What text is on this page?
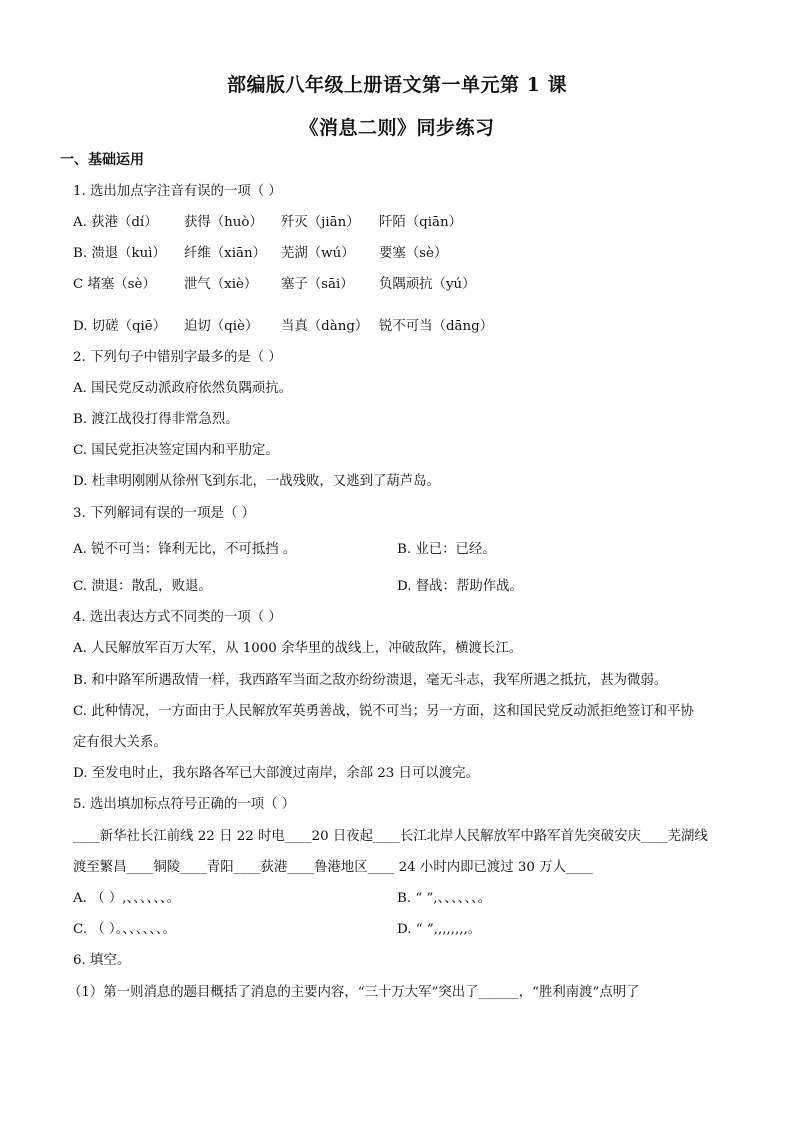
部编版八年级上册语文第一单元第 1 课
《消息二则》同步练习
一、基础运用
1. 选出加点字注音有误的一项（ ）
A. 荻港（dí） 获得（huò） 歼灭（jiān） 阡陌（qiān）
B. 溃退（kuì） 纤维（xiān） 芜湖（wú） 要塞（sè）
C 堵塞（sè） 泄气（xiè） 塞子（sāi） 负隅顽抗（yú）
D. 切磋（qiē） 迫切（qiè） 当真（dàng） 锐不可当（dāng）
2. 下列句子中错别字最多的是（ ）
A. 国民党反动派政府依然负隅顽抗。
B. 渡江战役打得非常急烈。
C. 国民党拒决签定国内和平肋定。
D. 杜聿明刚刚从徐州飞到东北，一战残败，又逃到了葫芦岛。
3. 下列解词有误的一项是（ ）
A. 锐不可当：锋利无比，不可抵挡 。	B. 业已：已经。
C. 溃退：散乱，败退。	D. 督战：帮助作战。
4. 选出表达方式不同类的一项（ ）
A. 人民解放军百万大军，从 1000 余华里的战线上，冲破敌阵，横渡长江。
B. 和中路军所遇敌情一样，我西路军当面之敌亦纷纷溃退，毫无斗志，我军所遇之抵抗，甚为微弱。
C. 此种情况，一方面由于人民解放军英勇善战，锐不可当；另一方面，这和国民党反动派拒绝签订和平协
定有很大关系。
D. 至发电时止，我东路各军已大部渡过南岸，余部 23 日可以渡完。
5. 选出填加标点符号正确的一项（ ）
____新华社长江前线 22 日 22 时电____20 日夜起____长江北岸人民解放军中路军首先突破安庆____芜湖线
渡至繁昌____铜陵____青阳____荻港____鲁港地区____ 24 小时内即已渡过 30 万人____
A. （ ）,、、、、、、。	B. “ ”,、、、、、、。
C. （ ）。、、、、、、。	D. “ ”,,,,,,,,。
6. 填空。
（1）第一则消息的题目概括了消息的主要内容，“三十万大军”突出了______，“胜利南渡”点明了
